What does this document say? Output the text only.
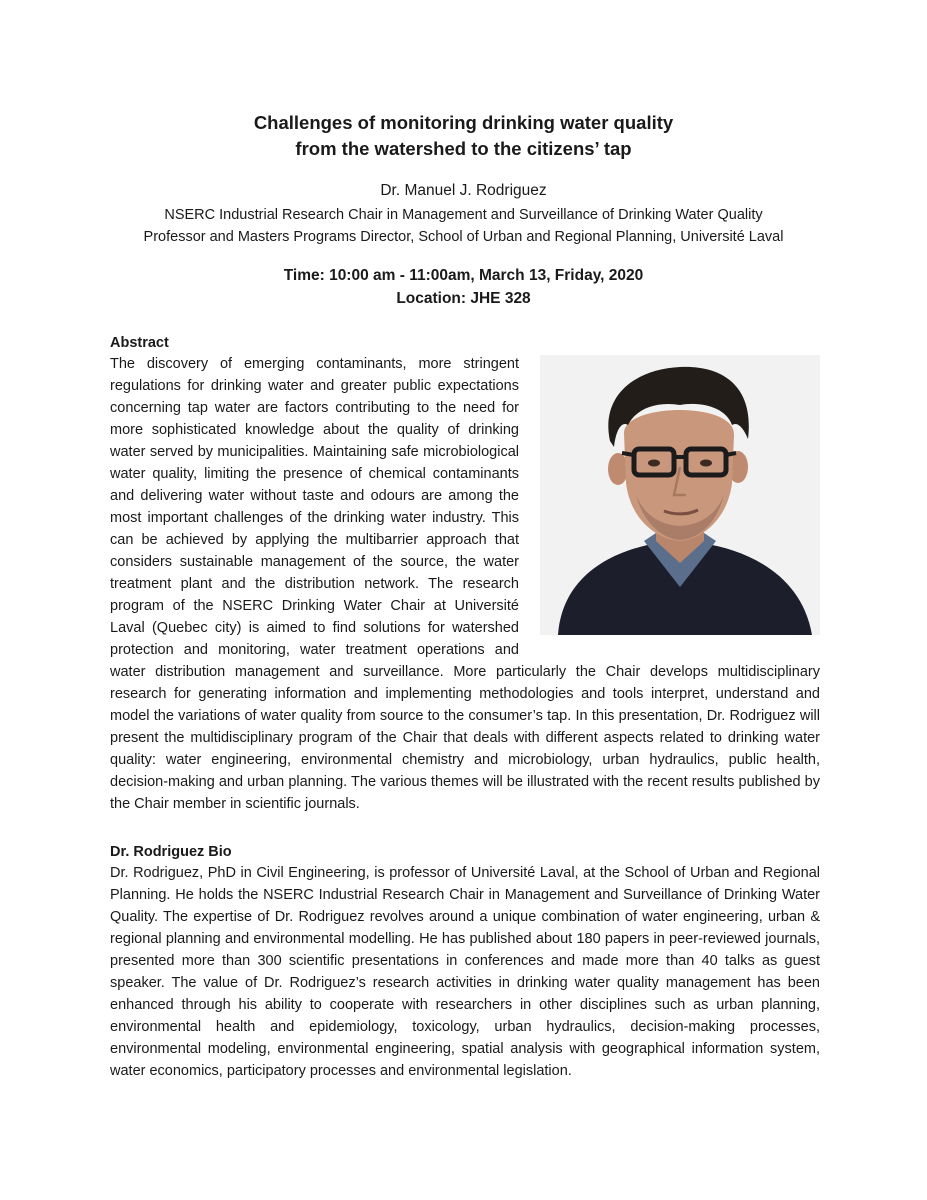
Challenges of monitoring drinking water quality
from the watershed to the citizens’ tap
Dr. Manuel J. Rodriguez
NSERC Industrial Research Chair in Management and Surveillance of Drinking Water Quality
Professor and Masters Programs Director, School of Urban and Regional Planning, Université Laval
Time: 10:00 am - 11:00am, March 13, Friday, 2020
Location: JHE 328
Abstract
The discovery of emerging contaminants, more stringent regulations for drinking water and greater public expectations concerning tap water are factors contributing to the need for more sophisticated knowledge about the quality of drinking water served by municipalities. Maintaining safe microbiological water quality, limiting the presence of chemical contaminants and delivering water without taste and odours are among the most important challenges of the drinking water industry. This can be achieved by applying the multibarrier approach that considers sustainable management of the source, the water treatment plant and the distribution network. The research program of the NSERC Drinking Water Chair at Université Laval (Quebec city) is aimed to find solutions for watershed protection and monitoring, water treatment operations and water distribution management and surveillance. More particularly the Chair develops multidisciplinary research for generating information and implementing methodologies and tools interpret, understand and model the variations of water quality from source to the consumer’s tap. In this presentation, Dr. Rodriguez will present the multidisciplinary program of the Chair that deals with different aspects related to drinking water quality: water engineering, environmental chemistry and microbiology, urban hydraulics, public health, decision-making and urban planning. The various themes will be illustrated with the recent results published by the Chair member in scientific journals.
Dr. Rodriguez Bio
Dr. Rodriguez, PhD in Civil Engineering, is professor of Université Laval, at the School of Urban and Regional Planning. He holds the NSERC Industrial Research Chair in Management and Surveillance of Drinking Water Quality. The expertise of Dr. Rodriguez revolves around a unique combination of water engineering, urban & regional planning and environmental modelling. He has published about 180 papers in peer-reviewed journals, presented more than 300 scientific presentations in conferences and made more than 40 talks as guest speaker. The value of Dr. Rodriguez’s research activities in drinking water quality management has been enhanced through his ability to cooperate with researchers in other disciplines such as urban planning, environmental health and epidemiology, toxicology, urban hydraulics, decision-making processes, environmental modeling, environmental engineering, spatial analysis with geographical information system, water economics, participatory processes and environmental legislation.
